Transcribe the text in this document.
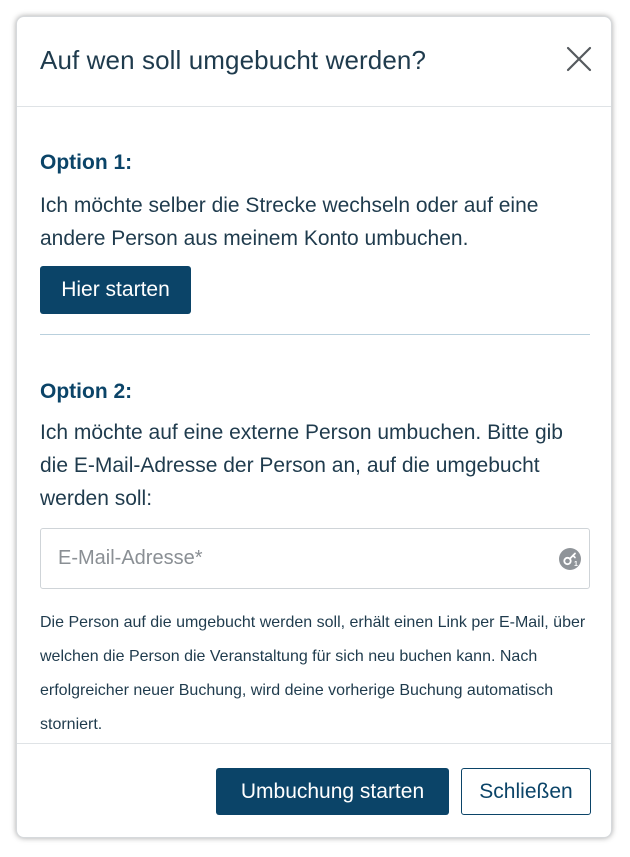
Auf wen soll umgebucht werden?
Option 1:
Ich möchte selber die Strecke wechseln oder auf eine andere Person aus meinem Konto umbuchen.
Hier starten
Option 2:
Ich möchte auf eine externe Person umbuchen. Bitte gib die E-Mail-Adresse der Person an, auf die umgebucht werden soll:
E-Mail-Adresse*
1
Die Person auf die umgebucht werden soll, erhält einen Link per E-Mail, über welchen die Person die Veranstaltung für sich neu buchen kann. Nach erfolgreicher neuer Buchung, wird deine vorherige Buchung automatisch storniert.
Umbuchung starten	Schließen
